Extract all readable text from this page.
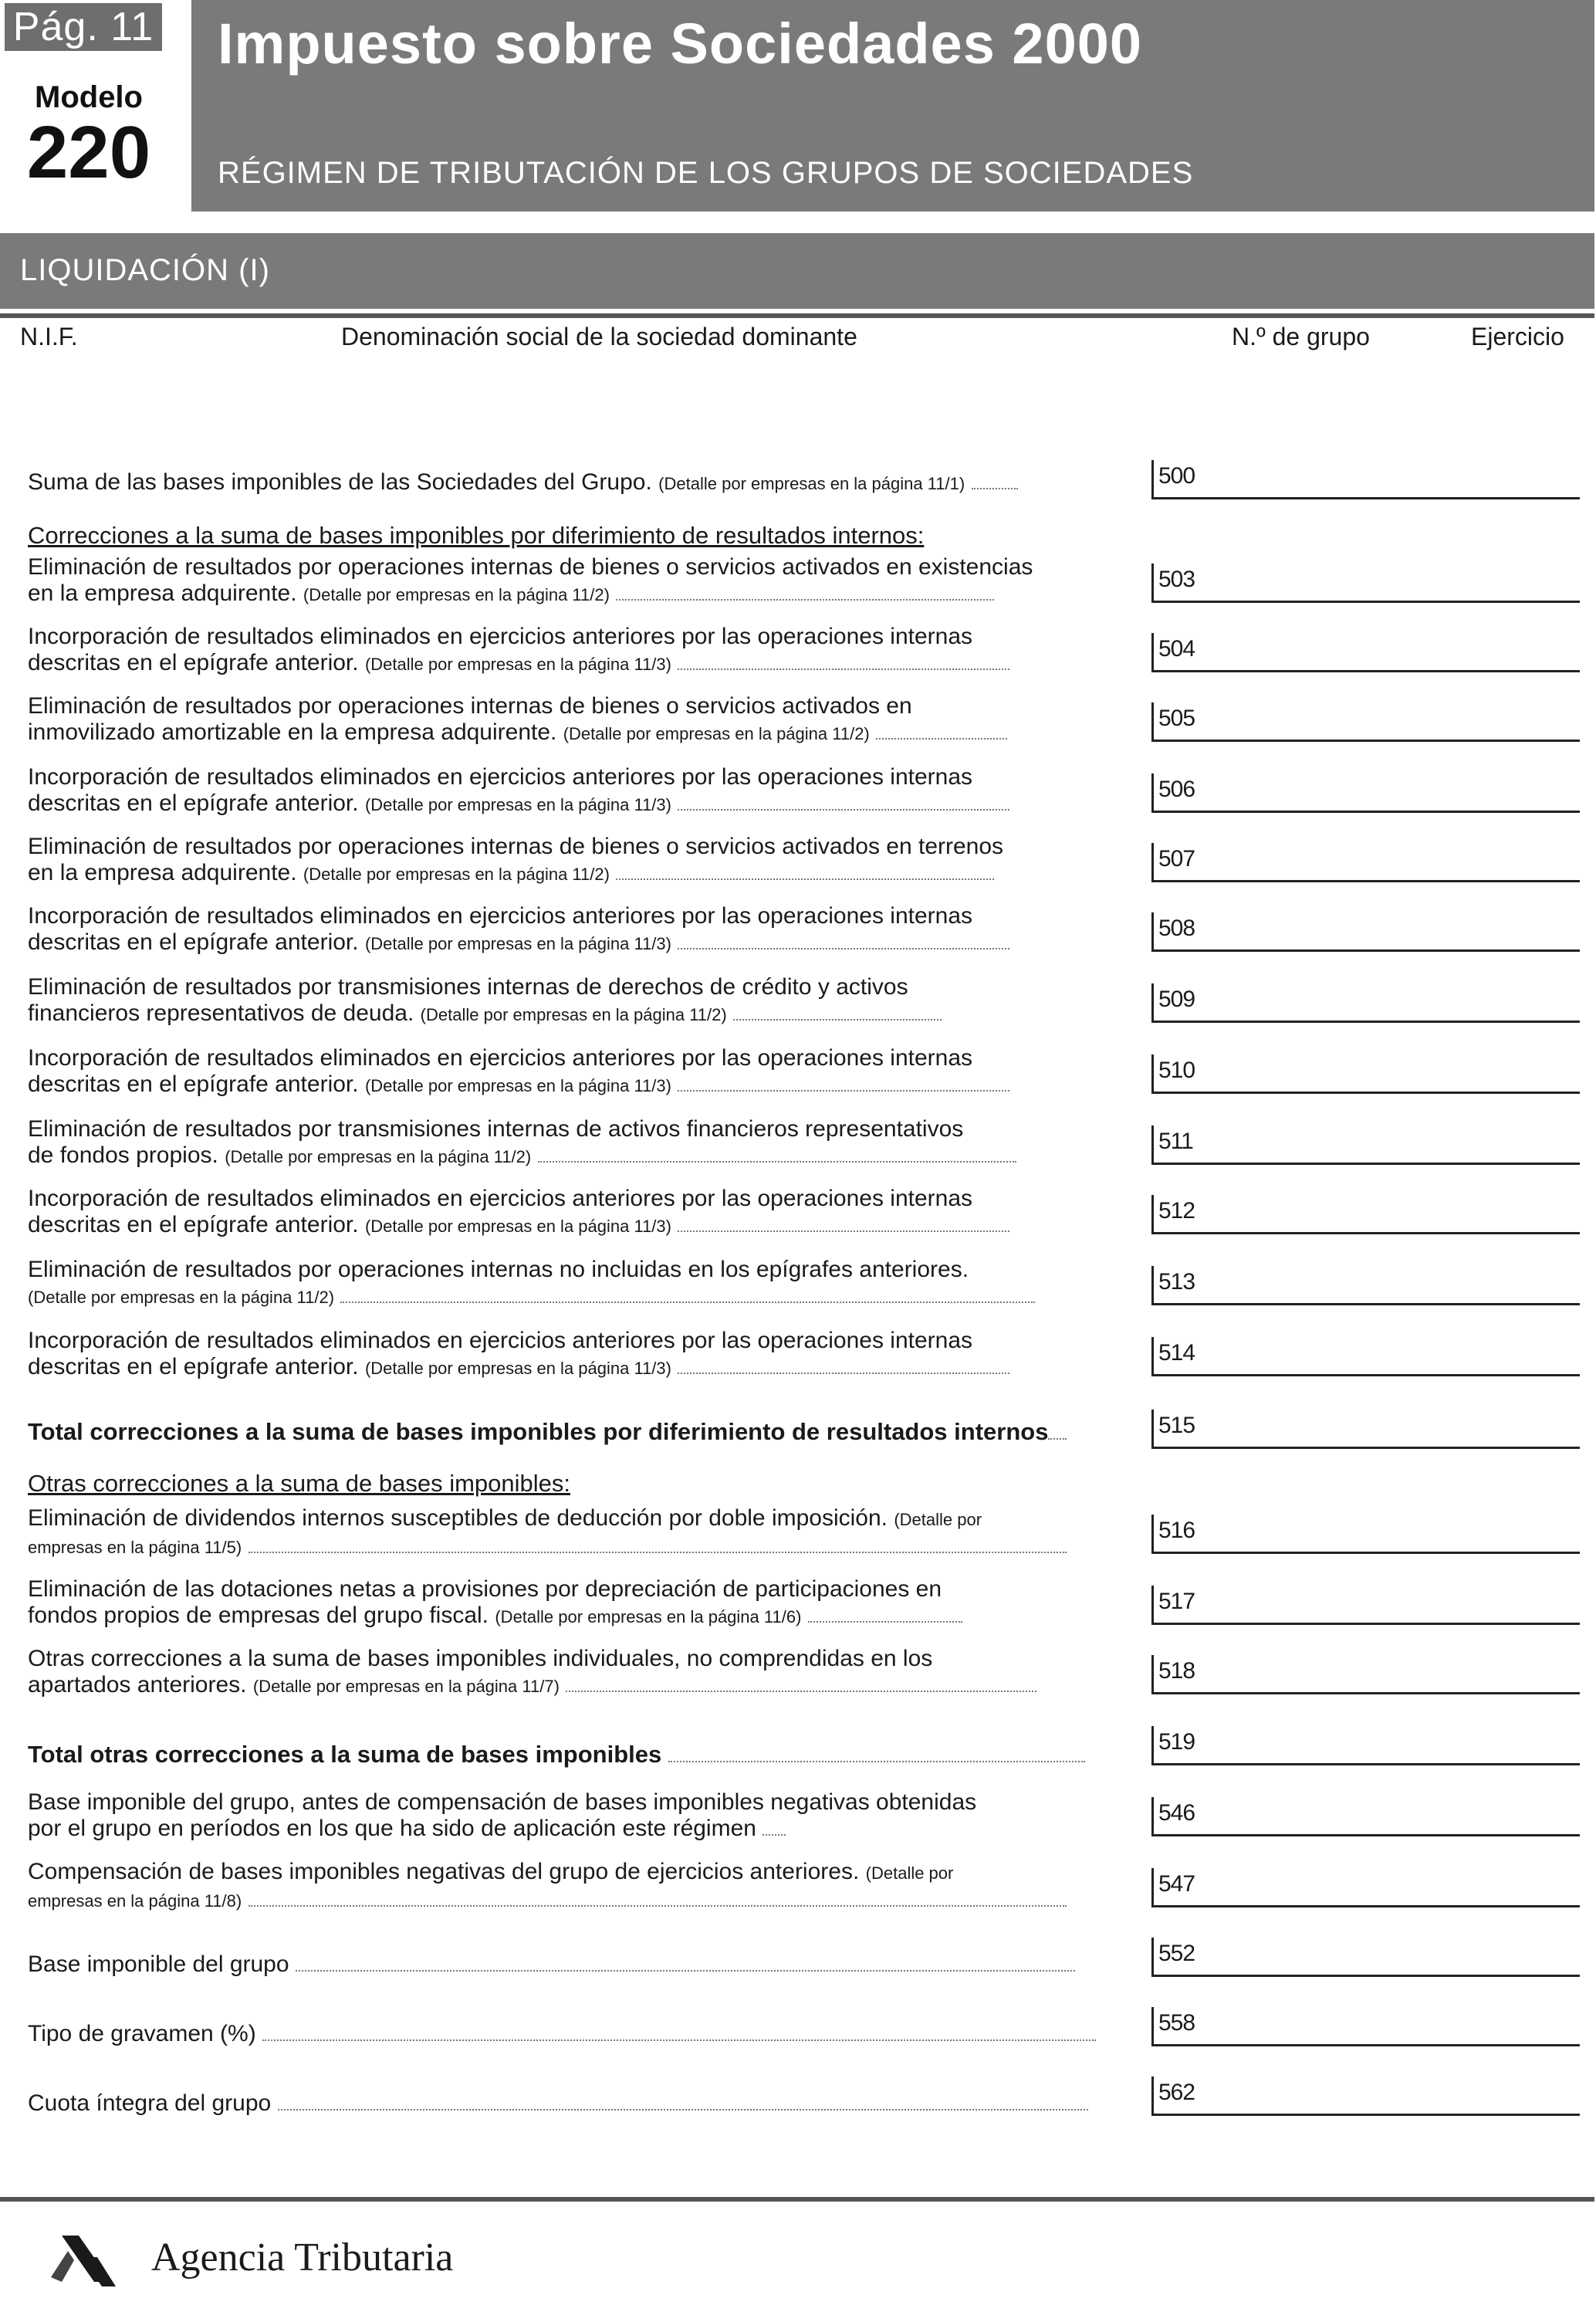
Pág. 11
Modelo
220
Impuesto sobre Sociedades 2000
RÉGIMEN DE TRIBUTACIÓN DE LOS GRUPOS DE SOCIEDADES
LIQUIDACIÓN (I)
N.I.F.	Denominación social de la sociedad dominante	N.º de grupo	Ejercicio
Suma de las bases imponibles de las Sociedades del Grupo. (Detalle por empresas en la página 11/1)	500
Correcciones a la suma de bases imponibles por diferimiento de resultados internos:
Eliminación de resultados por operaciones internas de bienes o servicios activados en existencias
en la empresa adquirente. (Detalle por empresas en la página 11/2)
503
Incorporación de resultados eliminados en ejercicios anteriores por las operaciones internas
descritas en el epígrafe anterior. (Detalle por empresas en la página 11/3)
504
Eliminación de resultados por operaciones internas de bienes o servicios activados en
inmovilizado amortizable en la empresa adquirente. (Detalle por empresas en la página 11/2)
505
Incorporación de resultados eliminados en ejercicios anteriores por las operaciones internas
descritas en el epígrafe anterior. (Detalle por empresas en la página 11/3)
506
Eliminación de resultados por operaciones internas de bienes o servicios activados en terrenos
en la empresa adquirente. (Detalle por empresas en la página 11/2)
507
Incorporación de resultados eliminados en ejercicios anteriores por las operaciones internas
descritas en el epígrafe anterior. (Detalle por empresas en la página 11/3)
508
Eliminación de resultados por transmisiones internas de derechos de crédito y activos
financieros representativos de deuda. (Detalle por empresas en la página 11/2)
509
Incorporación de resultados eliminados en ejercicios anteriores por las operaciones internas
descritas en el epígrafe anterior. (Detalle por empresas en la página 11/3)
510
Eliminación de resultados por transmisiones internas de activos financieros representativos
de fondos propios. (Detalle por empresas en la página 11/2)
511
Incorporación de resultados eliminados en ejercicios anteriores por las operaciones internas
descritas en el epígrafe anterior. (Detalle por empresas en la página 11/3)
512
Eliminación de resultados por operaciones internas no incluidas en los epígrafes anteriores.
(Detalle por empresas en la página 11/2)
513
Incorporación de resultados eliminados en ejercicios anteriores por las operaciones internas
descritas en el epígrafe anterior. (Detalle por empresas en la página 11/3)
514
Total correcciones a la suma de bases imponibles por diferimiento de resultados internos	515
Otras correcciones a la suma de bases imponibles:
Eliminación de dividendos internos susceptibles de deducción por doble imposición. (Detalle por
empresas en la página 11/5)
516
Eliminación de las dotaciones netas a provisiones por depreciación de participaciones en
fondos propios de empresas del grupo fiscal. (Detalle por empresas en la página 11/6)
517
Otras correcciones a la suma de bases imponibles individuales, no comprendidas en los
apartados anteriores. (Detalle por empresas en la página 11/7)
518
Total otras correcciones a la suma de bases imponibles	519
Base imponible del grupo, antes de compensación de bases imponibles negativas obtenidas
por el grupo en períodos en los que ha sido de aplicación este régimen
546
Compensación de bases imponibles negativas del grupo de ejercicios anteriores. (Detalle por
empresas en la página 11/8)
547
Base imponible del grupo	552
Tipo de gravamen (%)	558
Cuota íntegra del grupo	562
Agencia Tributaria
